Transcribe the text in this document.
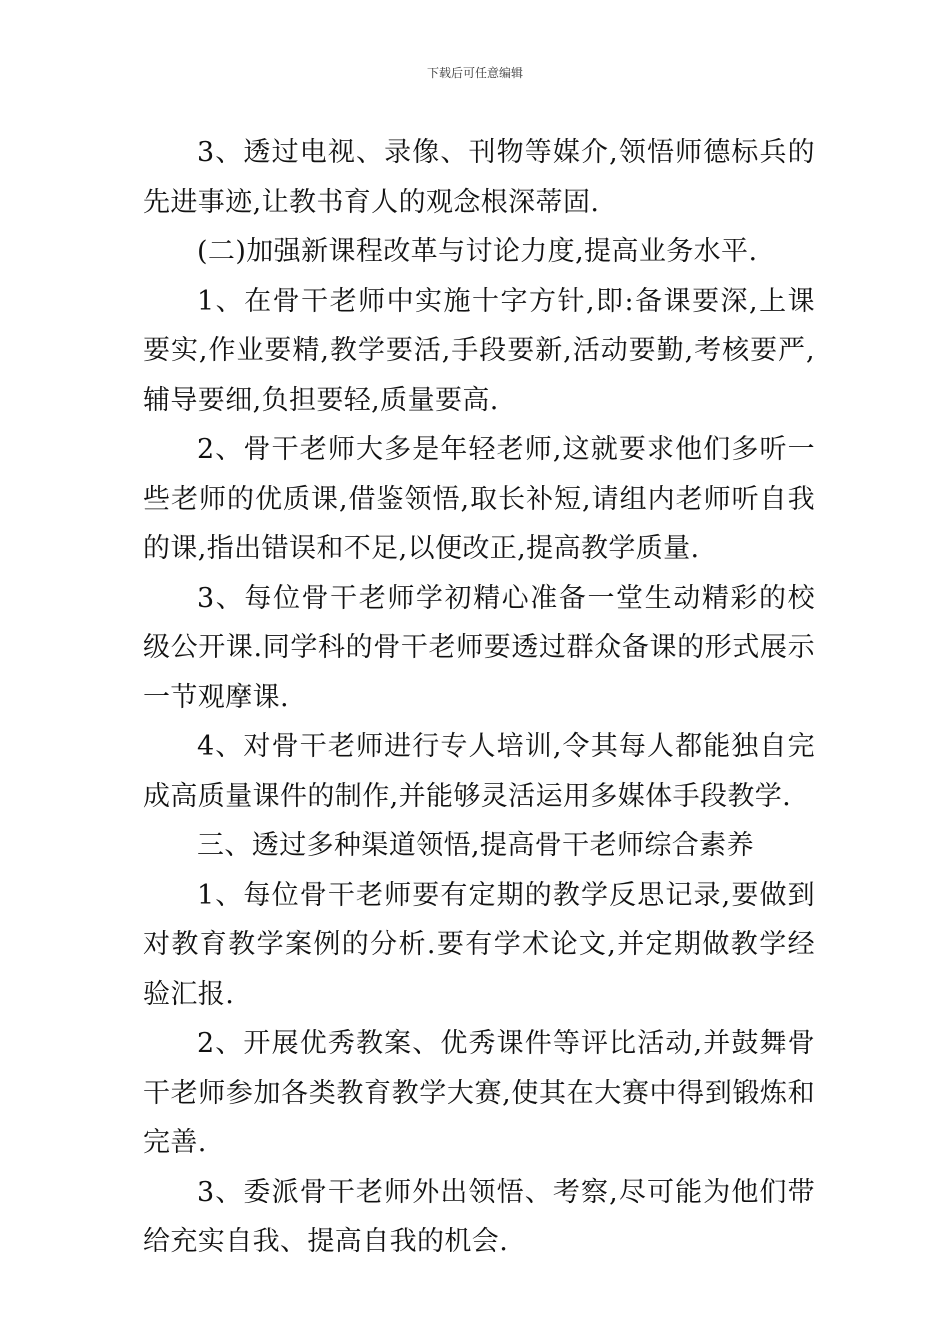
下载后可任意编辑

3、透过电视、录像、刊物等媒介,领悟师德标兵的先进事迹,让教书育人的观念根深蒂固.

(二)加强新课程改革与讨论力度,提高业务水平.

1、在骨干老师中实施十字方针,即:备课要深,上课要实,作业要精,教学要活,手段要新,活动要勤,考核要严,辅导要细,负担要轻,质量要高.

2、骨干老师大多是年轻老师,这就要求他们多听一些老师的优质课,借鉴领悟,取长补短,请组内老师听自我的课,指出错误和不足,以便改正,提高教学质量.

3、每位骨干老师学初精心准备一堂生动精彩的校级公开课.同学科的骨干老师要透过群众备课的形式展示一节观摩课.

4、对骨干老师进行专人培训,令其每人都能独自完成高质量课件的制作,并能够灵活运用多媒体手段教学.

三、透过多种渠道领悟,提高骨干老师综合素养

1、每位骨干老师要有定期的教学反思记录,要做到对教育教学案例的分析.要有学术论文,并定期做教学经验汇报.

2、开展优秀教案、优秀课件等评比活动,并鼓舞骨干老师参加各类教育教学大赛,使其在大赛中得到锻炼和完善.

3、委派骨干老师外出领悟、考察,尽可能为他们带给充实自我、提高自我的机会.
